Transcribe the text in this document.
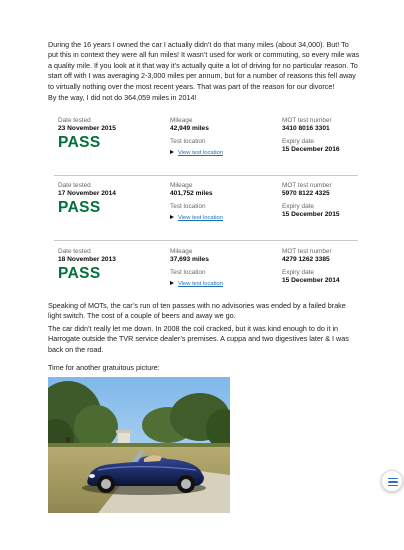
During the 16 years I owned the car I actually didn’t do that many miles (about 34,000). But! To put this in context they were all fun miles! It wasn’t used for work or commuting, so every mile was a quality mile. If you look at it that way it’s actually quite a lot of driving for no particular reason. To start off with I was averaging 2-3,000 miles per annum, but for a number of reasons this fell away to virtually nothing over the most recent years. That was part of the reason for our divorce!

By the way, I did not do 364,059 miles in 2014!

Date tested
23 November 2015
PASS
Mileage
42,949 miles
Test location
View test location
MOT test number
3410 8016 3301
Expiry date
15 December 2016
Date tested
17 November 2014
PASS
Mileage
401,752 miles
Test location
View test location
MOT test number
5970 8122 4325
Expiry date
15 December 2015
Date tested
18 November 2013
PASS
Mileage
37,693 miles
Test location
View test location
MOT test number
4279 1262 3385
Expiry date
15 December 2014

Speaking of MOTs, the car’s run of ten passes with no advisories was ended by a failed brake light switch. The cost of a couple of beers and away we go.

The car didn’t really let me down. In 2008 the coil cracked, but it was kind enough to do it in Harrogate outside the TVR service dealer’s premises. A cuppa and two digestives later & I was back on the road.

Time for another gratuitous picture:
